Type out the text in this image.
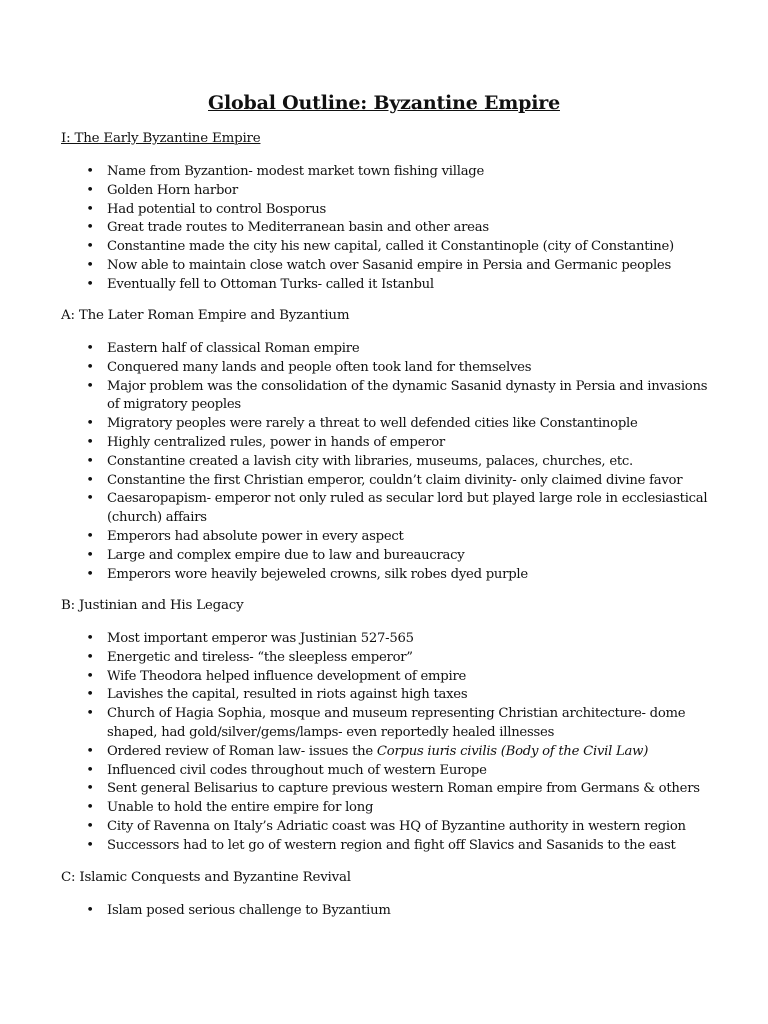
Global Outline: Byzantine Empire

I: The Early Byzantine Empire

• Name from Byzantion- modest market town fishing village
• Golden Horn harbor
• Had potential to control Bosporus
• Great trade routes to Mediterranean basin and other areas
• Constantine made the city his new capital, called it Constantinople (city of Constantine)
• Now able to maintain close watch over Sasanid empire in Persia and Germanic peoples
• Eventually fell to Ottoman Turks- called it Istanbul

A: The Later Roman Empire and Byzantium

• Eastern half of classical Roman empire
• Conquered many lands and people often took land for themselves
• Major problem was the consolidation of the dynamic Sasanid dynasty in Persia and invasions of migratory peoples
• Migratory peoples were rarely a threat to well defended cities like Constantinople
• Highly centralized rules, power in hands of emperor
• Constantine created a lavish city with libraries, museums, palaces, churches, etc.
• Constantine the first Christian emperor, couldn’t claim divinity- only claimed divine favor
• Caesaropapism- emperor not only ruled as secular lord but played large role in ecclesiastical (church) affairs
• Emperors had absolute power in every aspect
• Large and complex empire due to law and bureaucracy
• Emperors wore heavily bejeweled crowns, silk robes dyed purple

B: Justinian and His Legacy

• Most important emperor was Justinian 527-565
• Energetic and tireless- “the sleepless emperor”
• Wife Theodora helped influence development of empire
• Lavishes the capital, resulted in riots against high taxes
• Church of Hagia Sophia, mosque and museum representing Christian architecture- dome shaped, had gold/silver/gems/lamps- even reportedly healed illnesses
• Ordered review of Roman law- issues the Corpus iuris civilis (Body of the Civil Law)
• Influenced civil codes throughout much of western Europe
• Sent general Belisarius to capture previous western Roman empire from Germans & others
• Unable to hold the entire empire for long
• City of Ravenna on Italy’s Adriatic coast was HQ of Byzantine authority in western region
• Successors had to let go of western region and fight off Slavics and Sasanids to the east

C: Islamic Conquests and Byzantine Revival

• Islam posed serious challenge to Byzantium
